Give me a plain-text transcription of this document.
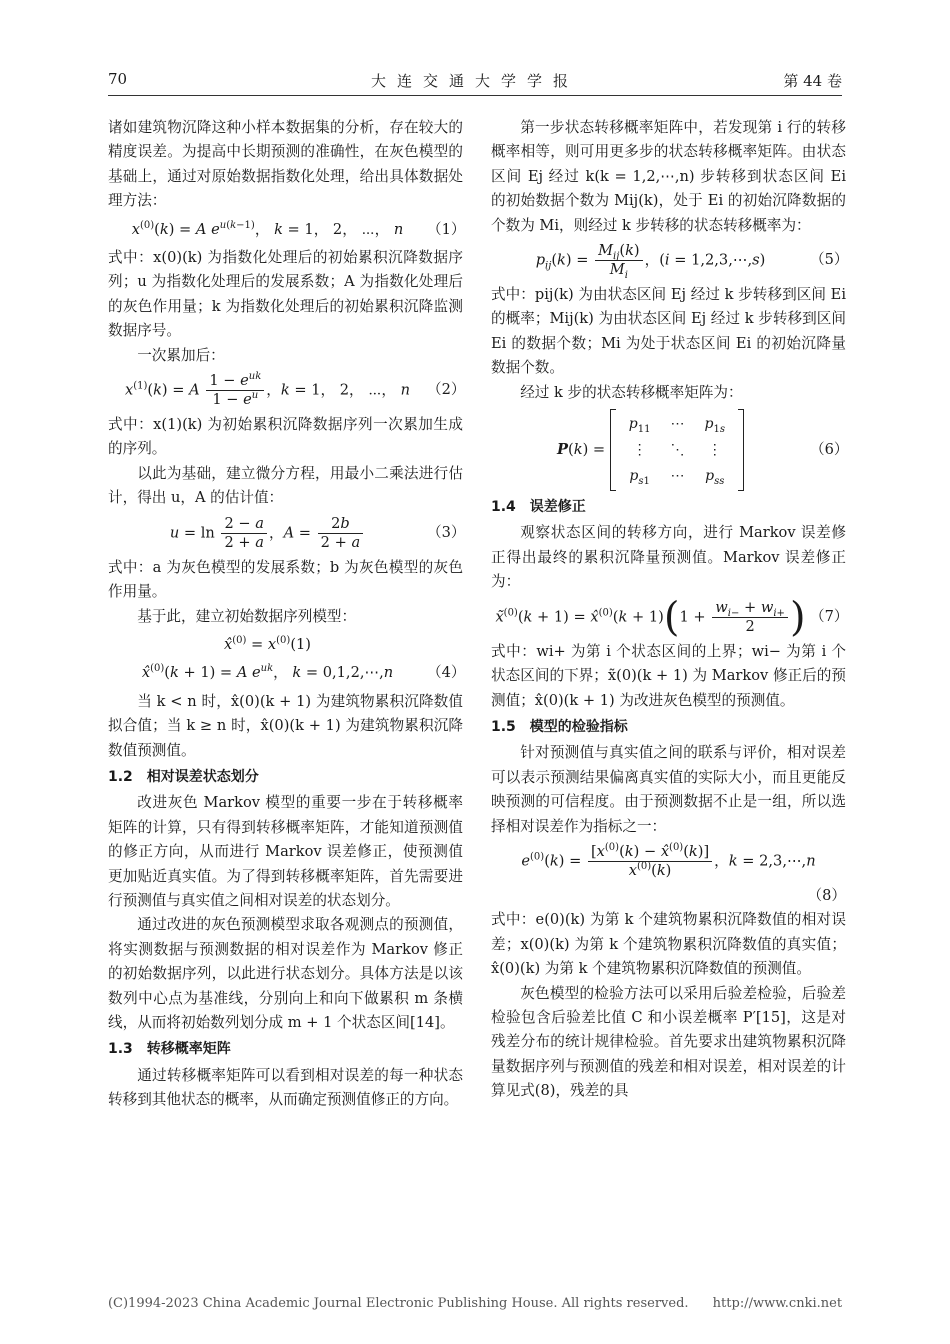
70	大连交通大学学报	第 44 卷

诸如建筑物沉降这种小样本数据集的分析，存在较大的精度误差。为提高中长期预测的准确性，在灰色模型的基础上，通过对原始数据指数化处理，给出具体数据处理方法：

$x^{(0)}(k) = A$ $e^{u(k-1)}$， k = 1， 2， ⋯， n	（1）

式中：x(0)(k) 为指数化处理后的初始累积沉降数据序列；u 为指数化处理后的发展系数；A 为指数化处理后的灰色作用量；k 为指数化处理后的初始累积沉降监测数据序号。

一次累加后：

$x^{(1)}(k) = A \frac{1 - e^{uk}}{1 - e^u}$ ，k = 1， 2， ⋯， n	（2）

式中：x(1)(k) 为初始累积沉降数据序列一次累加生成的序列。

以此为基础，建立微分方程，用最小二乘法进行估计，得出 u，A 的估计值：

$u = \ln \frac{2 - a}{2 + a}$ ，$A = \frac{2b}{2 + a}$	（3）

式中：a 为灰色模型的发展系数；b 为灰色模型的灰色作用量。

基于此，建立初始数据序列模型：

x̂$^{(0)}$ = $x^{(0)}(1)$
x̂$^{(0)}$(k + 1) = A $e^{uk}$， k = 0,1,2,⋯,n	（4）

当 k < n 时，x̂(0)(k + 1) 为建筑物累积沉降数值拟合值；当 k ≥ n 时，x̂(0)(k + 1) 为建筑物累积沉降数值预测值。

1.2　相对误差状态划分

改进灰色 Markov 模型的重要一步在于转移概率矩阵的计算，只有得到转移概率矩阵，才能知道预测值的修正方向，从而进行 Markov 误差修正，使预测值更加贴近真实值。为了得到转移概率矩阵，首先需要进行预测值与真实值之间相对误差的状态划分。

通过改进的灰色预测模型求取各观测点的预测值，将实测数据与预测数据的相对误差作为 Markov 修正的初始数据序列，以此进行状态划分。具体方法是以该数列中心点为基准线，分别向上和向下做累积 m 条横线，从而将初始数列划分成 m + 1 个状态区间[14]。

1.3　转移概率矩阵

通过转移概率矩阵可以看到相对误差的每一种状态转移到其他状态的概率，从而确定预测值修正的方向。

第一步状态转移概率矩阵中，若发现第 i 行的转移概率相等，则可用更多步的状态转移概率矩阵。由状态区间 Ej 经过 k(k = 1,2,⋯,n) 步转移到状态区间 Ei 的初始数据个数为 Mij(k)，处于 Ei 的初始沉降数据的个数为 Mi，则经过 k 步转移的状态转移概率为：

$p_{ij}(k) = \frac{M_{ij}(k)}{M_i}$ ，(i = 1,2,3,⋯,s)	（5）

式中：pij(k) 为由状态区间 Ej 经过 k 步转移到区间 Ei 的概率；Mij(k) 为由状态区间 Ej 经过 k 步转移到区间 Ei 的数据个数；Mi 为处于状态区间 Ei 的初始沉降量数据个数。

经过 k 步的状态转移概率矩阵为：

P(k) =
$p_{11}$	⋯	$p_{1s}$
⋮	⋱	⋮
$p_{s1}$	⋯	$p_{ss}$
（6）

1.4　误差修正

观察状态区间的转移方向，进行 Markov 误差修正得出最终的累积沉降量预测值。Markov 误差修正为：

x̃$^{(0)}$(k + 1) = x̂$^{(0)}$(k + $1)(1 + \frac{w_{i-} + w_{i+}}{2}$ ) （7）

式中：wi+ 为第 i 个状态区间的上界；wi− 为第 i 个状态区间的下界；x̃(0)(k + 1) 为 Markov 修正后的预测值；x̂(0)(k + 1) 为改进灰色模型的预测值。

1.5　模型的检验指标

针对预测值与真实值之间的联系与评价，相对误差可以表示预测结果偏离真实值的实际大小，而且更能反映预测的可信程度。由于预测数据不止是一组，所以选择相对误差作为指标之一：

$e^{(0)}(k) = \frac{[x^{(0)}(k) - x̂^{(0)}(k)]}{x^{(0)}(k)}$ ，k = 2,3,⋯,n
（8）

式中：e(0)(k) 为第 k 个建筑物累积沉降数值的相对误差；x(0)(k) 为第 k 个建筑物累积沉降数值的真实值；x̂(0)(k) 为第 k 个建筑物累积沉降数值的预测值。

灰色模型的检验方法可以采用后验差检验，后验差检验包含后验差比值 C 和小误差概率 P′[15]，这是对残差分布的统计规律检验。首先要求出建筑物累积沉降量数据序列与预测值的残差和相对误差，相对误差的计算见式(8)，残差的具

(C)1994-2023 China Academic Journal Electronic Publishing House. All rights reserved. http://www.cnki.net
